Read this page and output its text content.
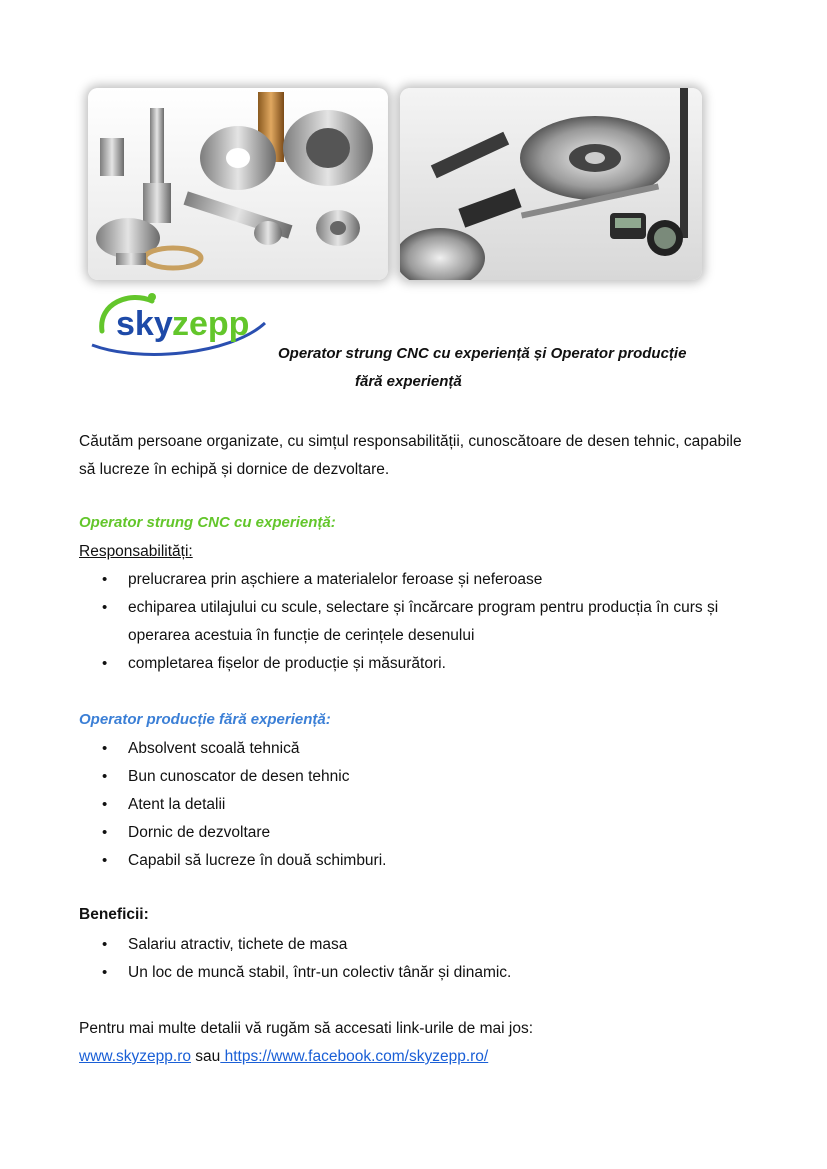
sky zepp
Operator strung CNC cu experiență și Operator producție
fără experiență
Căutăm persoane organizate, cu simțul responsabilității, cunoscătoare de desen tehnic, capabile să lucreze în echipă și dornice de dezvoltare.
Operator strung CNC cu experiență:
Responsabilități:
• prelucrarea prin așchiere a materialelor feroase și neferoase
• echiparea utilajului cu scule, selectare și încărcare program pentru producția în curs și operarea acestuia în funcție de cerințele desenului
• completarea fișelor de producție și măsurători.
Operator producție fără experiență:
• Absolvent scoală tehnică
• Bun cunoscator de desen tehnic
• Atent la detalii
• Dornic de dezvoltare
• Capabil să lucreze în două schimburi.
Beneficii:
• Salariu atractiv, tichete de masa
• Un loc de muncă stabil, într-un colectiv tânăr și dinamic.
Pentru mai multe detalii vă rugăm să accesati link-urile de mai jos:
www.skyzepp.ro sau https://www.facebook.com/skyzepp.ro/
